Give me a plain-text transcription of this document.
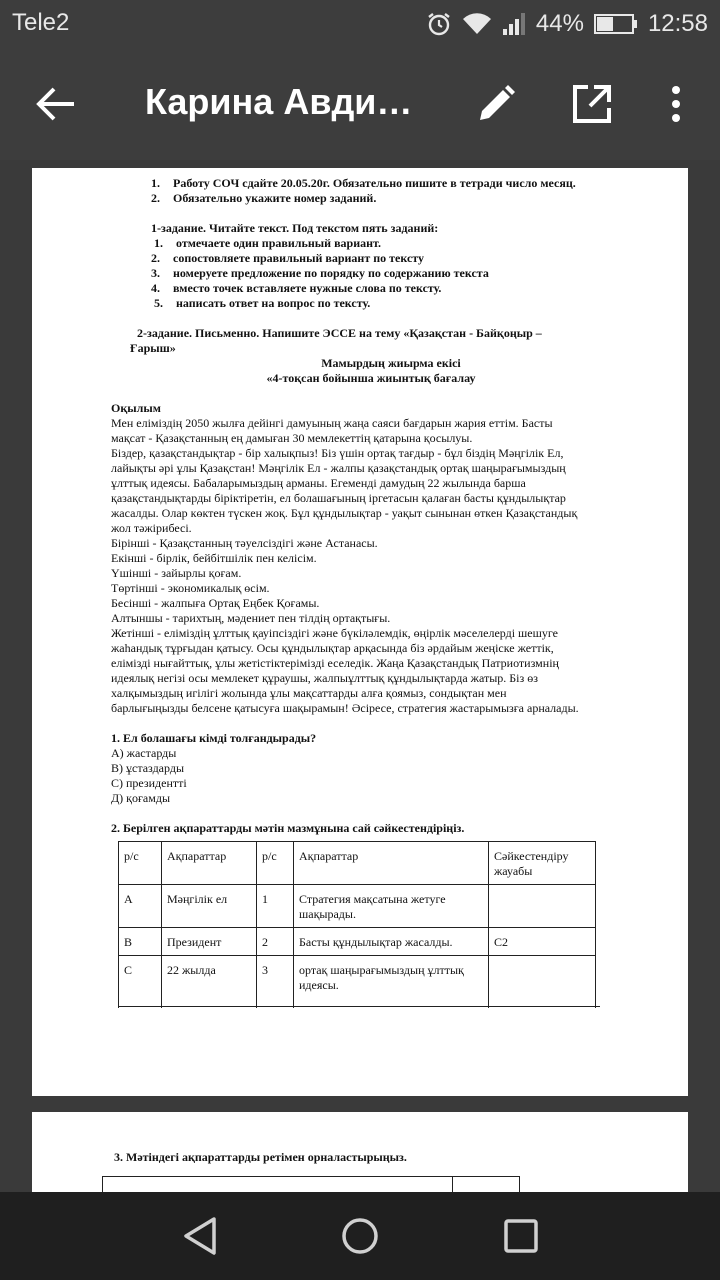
Tele2	44%	12:58
Карина Авди…
1. Работу СОЧ сдайте 20.05.20г. Обязательно пишите в тетради число месяц.
2. Обязательно укажите номер заданий.
1-задание. Читайте текст. Под текстом пять заданий:
1. отмечаете один правильный вариант.
2. сопостовляете правильный вариант по тексту
3. номеруете предложение по порядку по содержанию текста
4. вместо точек вставляете нужные слова по тексту.
5. написать ответ на вопрос по тексту.
2-задание. Письменно. Напишите ЭССЕ на тему «Қазақстан - Байқоңыр –
Ғарыш»
Мамырдың жиырма екісі
«4-тоқсан бойынша жиынтық бағалау
Оқылым
Мен еліміздің 2050 жылға дейінгі дамуының жаңа саяси бағдарын жария еттім. Басты
мақсат - Қазақстанның ең дамыған 30 мемлекеттің қатарына қосылуы.
Біздер, қазақстандықтар - бір халықпыз! Біз үшін ортақ тағдыр - бұл біздің Мәңгілік Ел,
лайықты әрі ұлы Қазақстан! Мәңгілік Ел - жалпы қазақстандық ортақ шаңырағымыздың
ұлттық идеясы. Бабаларымыздың арманы. Егеменді дамудың 22 жылында барша
қазақстандықтарды біріктіретін, ел болашағының іргетасын қалаған басты құндылықтар
жасалды. Олар көктен түскен жоқ. Бұл құндылықтар - уақыт сынынан өткен Қазақстандық
жол тәжірибесі.
Бірінші - Қазақстанның тәуелсіздігі және Астанасы.
Екінші - бірлік, бейбітшілік пен келісім.
Үшінші - зайырлы қоғам.
Төртінші - экономикалық өсім.
Бесінші - жалпыға Ортақ Еңбек Қоғамы.
Алтыншы - тарихтың, мәдениет пен тілдің ортақтығы.
Жетінші - еліміздің ұлттық қауіпсіздігі және бүкіләлемдік, өңірлік мәселелерді шешуге
жаһандық тұрғыдан қатысу. Осы құндылықтар арқасында біз әрдайым жеңіске жеттік,
елімізді нығайттық, ұлы жетістіктерімізді еселедік. Жаңа Қазақстандық Патриотизмнің
идеялық негізі осы мемлекет құраушы, жалпыұлттық құндылықтарда жатыр. Біз өз
халқымыздың игілігі жолында ұлы мақсаттарды алға қоямыз, сондықтан мен
барлығыңызды белсене қатысуға шақырамын! Әсіресе, стратегия жастарымызға арналады.
1. Ел болашағы кімді толғандырады?
А) жастарды
В) ұстаздарды
С) президентті
Д) қоғамды
2. Берілген ақпараттарды мәтін мазмұнына сай сәйкестендіріңіз.
р/с	Ақпараттар	р/с	Ақпараттар	Сәйкестендіру жауабы
А	Мәңгілік ел	1	Стратегия мақсатына жетуге шақырады.	
В	Президент	2	Басты құндылықтар жасалды.	С2
С	22 жылда	3	ортақ шаңырағымыздың ұлттық идеясы.	
3. Мәтіндегі ақпараттарды ретімен орналастырыңыз.
